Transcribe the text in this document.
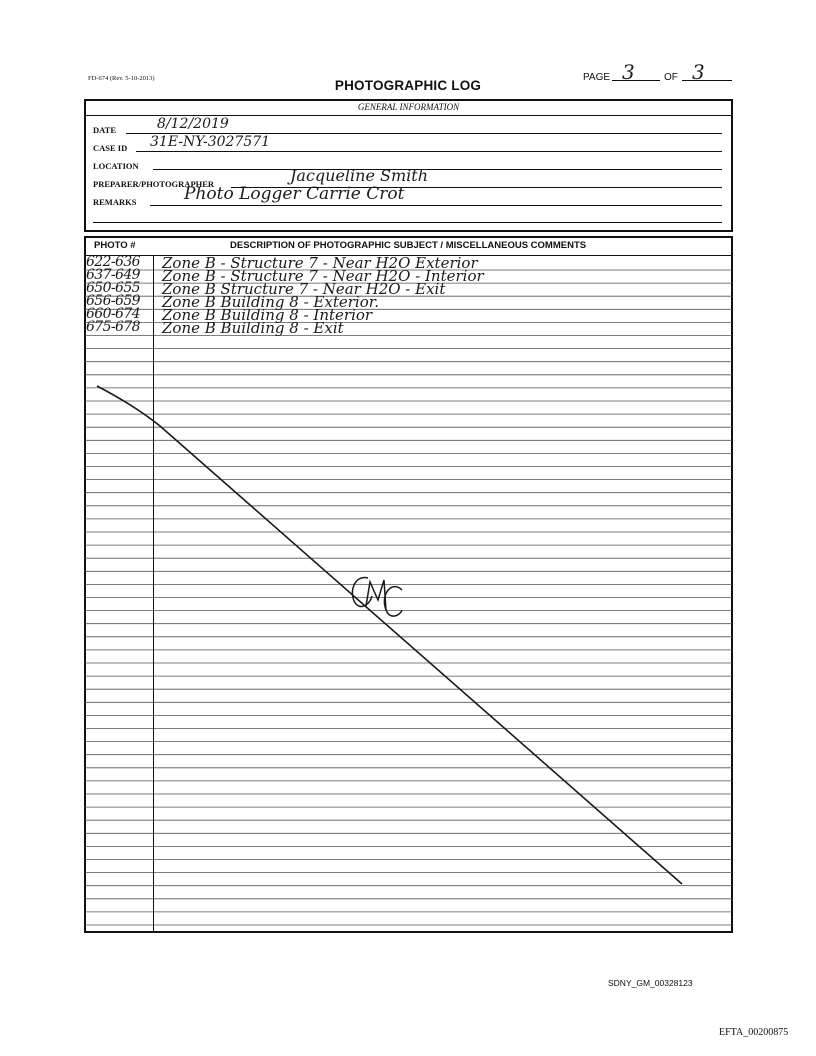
FD-674 (Rev. 5-10-2013)	PHOTOGRAPHIC LOG
PAGE 3	OF 3
GENERAL INFORMATION
DATE	8/12/2019
CASE ID 31E-NY-3027571
LOCATION
PREPARER/PHOTOGRAPHER	Jacqueline Smith
REMARKS	Photo Logger Carrie Crot
PHOTO #	DESCRIPTION OF PHOTOGRAPHIC SUBJECT / MISCELLANEOUS COMMENTS
622-636 Zone B - Structure 7 - Near H2O Exterior
637-649 Zone B - Structure 7 - Near H2O - Interior
650-655 Zone B Structure 7 - Near H2O - Exit
656-659 Zone B Building 8 - Exterior.
660-674 Zone B Building 8 - Interior
675-678 Zone B Building 8 - Exit
SDNY_GM_00328123
EFTA_00200875
